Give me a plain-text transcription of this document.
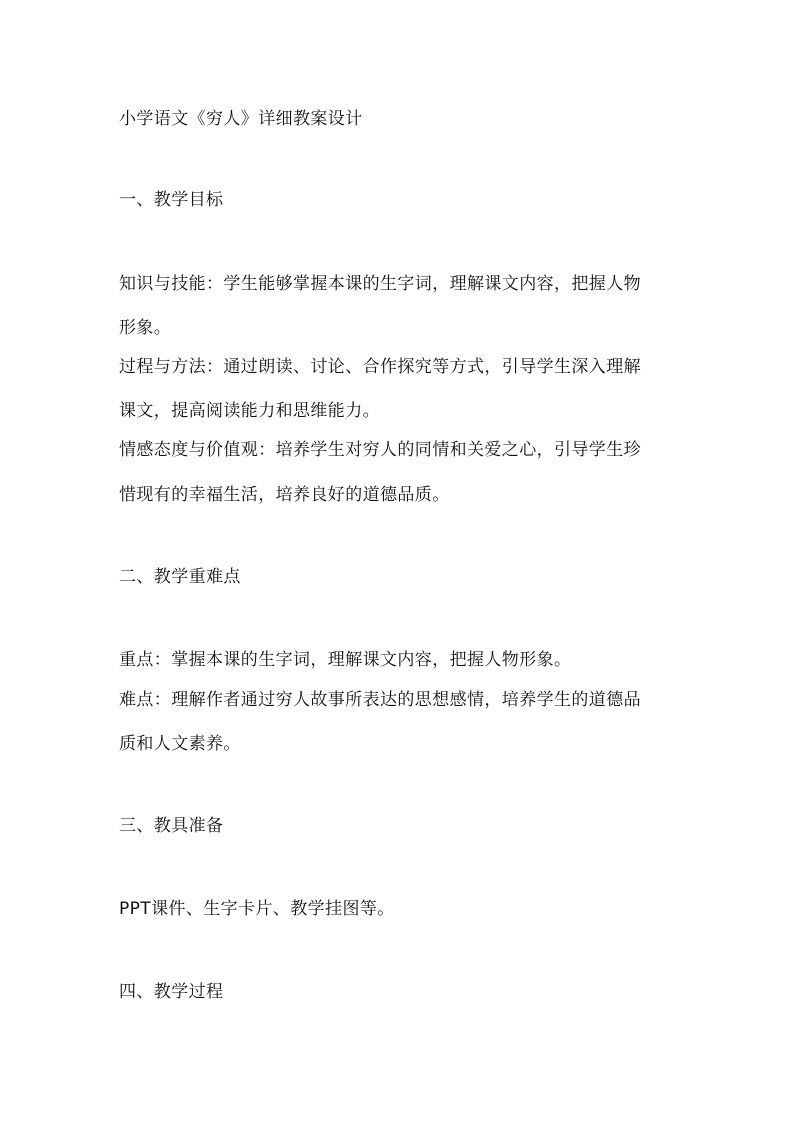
小学语文《穷人》详细教案设计
一、教学目标
知识与技能：学生能够掌握本课的生字词，理解课文内容，把握人物
形象。
过程与方法：通过朗读、讨论、合作探究等方式，引导学生深入理解
课文，提高阅读能力和思维能力。
情感态度与价值观：培养学生对穷人的同情和关爱之心，引导学生珍
惜现有的幸福生活，培养良好的道德品质。
二、教学重难点
重点：掌握本课的生字词，理解课文内容，把握人物形象。
难点：理解作者通过穷人故事所表达的思想感情，培养学生的道德品
质和人文素养。
三、教具准备
PPT课件、生字卡片、教学挂图等。
四、教学过程
